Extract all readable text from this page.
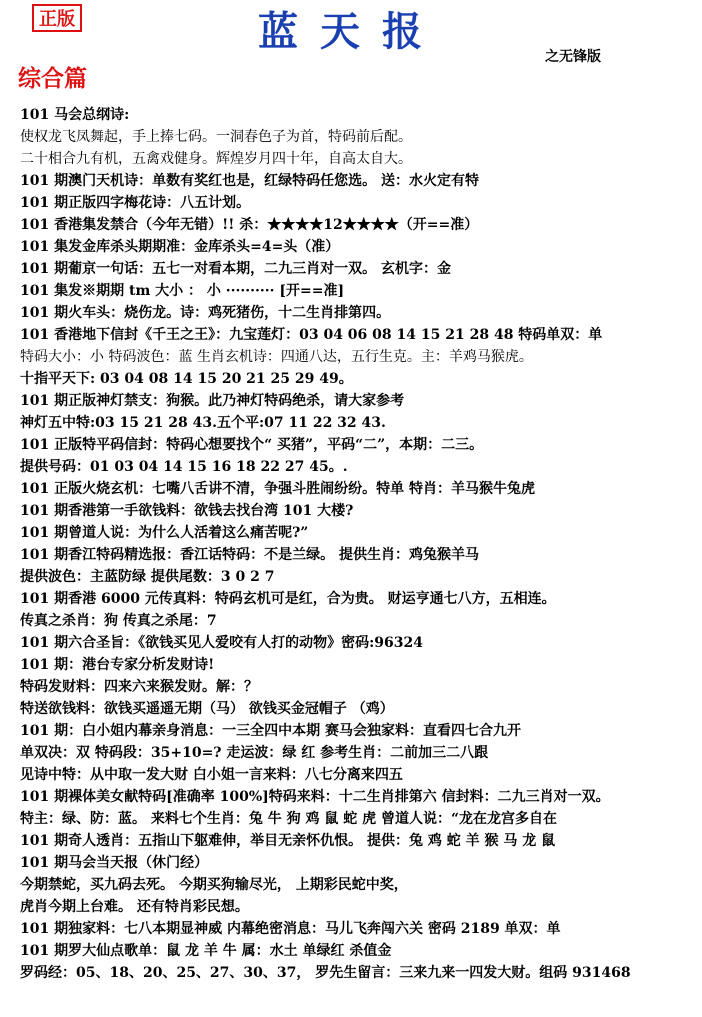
正版	蓝天报
之无锋版
综合篇
101 马会总纲诗:
使权龙飞凤舞起，手上捧七码。一洞春色子为首，特码前后配。
二十相合九有机，五禽戏健身。辉煌岁月四十年，自高太自大。
101 期澳门天机诗：单数有奖红也是，红绿特码任您选。 送：水火定有特
101 期正版四字梅花诗：八五计划。
101 香港集发禁合（今年无错）!! 杀：★★★★12★★★★（开==准）
101 集发金库杀头期期准：金库杀头=4=头（准）
101 期葡京一句话：五七一对看本期，二九三肖对一双。 玄机字：金
101 集发※期期 tm 大小 ： 小 ·········· [开==准]
101 期火车头：烧伤龙。诗：鸡死猪伤，十二生肖排第四。
101 香港地下信封《千王之王》：九宝莲灯：03 04 06 08 14 15 21 28 48 特码单双：单
特码大小：小 特码波色：蓝 生肖玄机诗：四通八达，五行生克。主：羊鸡马猴虎。
十指平天下: 03 04 08 14 15 20 21 25 29 49。
101 期正版神灯禁支：狗猴。此乃神灯特码绝杀，请大家参考
神灯五中特:03 15 21 28 43.五个平:07 11 22 32 43.
101 正版特平码信封：特码心想要找个“ 买猪”，平码“二”，本期：二三。
提供号码：01 03 04 14 15 16 18 22 27 45。.
101 正版火烧玄机：七嘴八舌讲不清，争强斗胜闹纷纷。特单 特肖：羊马猴牛兔虎
101 期香港第一手欲钱料：欲钱去找台湾 101 大楼?
101 期曾道人说：为什么人活着这么痛苦呢?”
101 期香江特码精选报：香江话特码：不是兰绿。 提供生肖：鸡兔猴羊马
提供波色：主蓝防绿 提供尾数：3 0 2 7
101 期香港 6000 元传真料：特码玄机可是红，合为贵。 财运亨通七八方，五相连。
传真之杀肖：狗 传真之杀尾：7
101 期六合圣旨：《欲钱买见人爱咬有人打的动物》密码:96324
101 期：港台专家分析发财诗!
特码发财料：四来六来猴发财。解：？
特送欲钱料：欲钱买遥遥无期（马） 欲钱买金冠帽子 （鸡）
101 期：白小姐内幕亲身消息：一三全四中本期 赛马会独家料：直看四七合九开
单双决：双 特码段：35+10=? 走运波：绿 红 参考生肖：二前加三二八跟
见诗中特：从中取一发大财 白小姐一言来料：八七分离来四五
101 期裸体美女献特码[准确率 100%]特码来料：十二生肖排第六 信封料：二九三肖对一双。
特主：绿、防：蓝。 来料七个生肖：兔 牛 狗 鸡 鼠 蛇 虎 曾道人说：“龙在龙宫多自在
101 期奇人透肖：五指山下躯难伸，举目无亲怀仇恨。 提供：兔 鸡 蛇 羊 猴 马 龙 鼠
101 期马会当天报（休门经）
今期禁蛇，买九码去死。 今期买狗输尽光， 上期彩民蛇中奖，
虎肖今期上台难。 还有特肖彩民想。
101 期独家料：七八本期显神威 内幕绝密消息：马儿飞奔闯六关 密码 2189 单双：单
101 期罗大仙点歌单：鼠 龙 羊 牛 属：水土 单绿红 杀值金
罗码经：05、18、20、25、27、30、37， 罗先生留言：三来九来一四发大财。组码 931468
